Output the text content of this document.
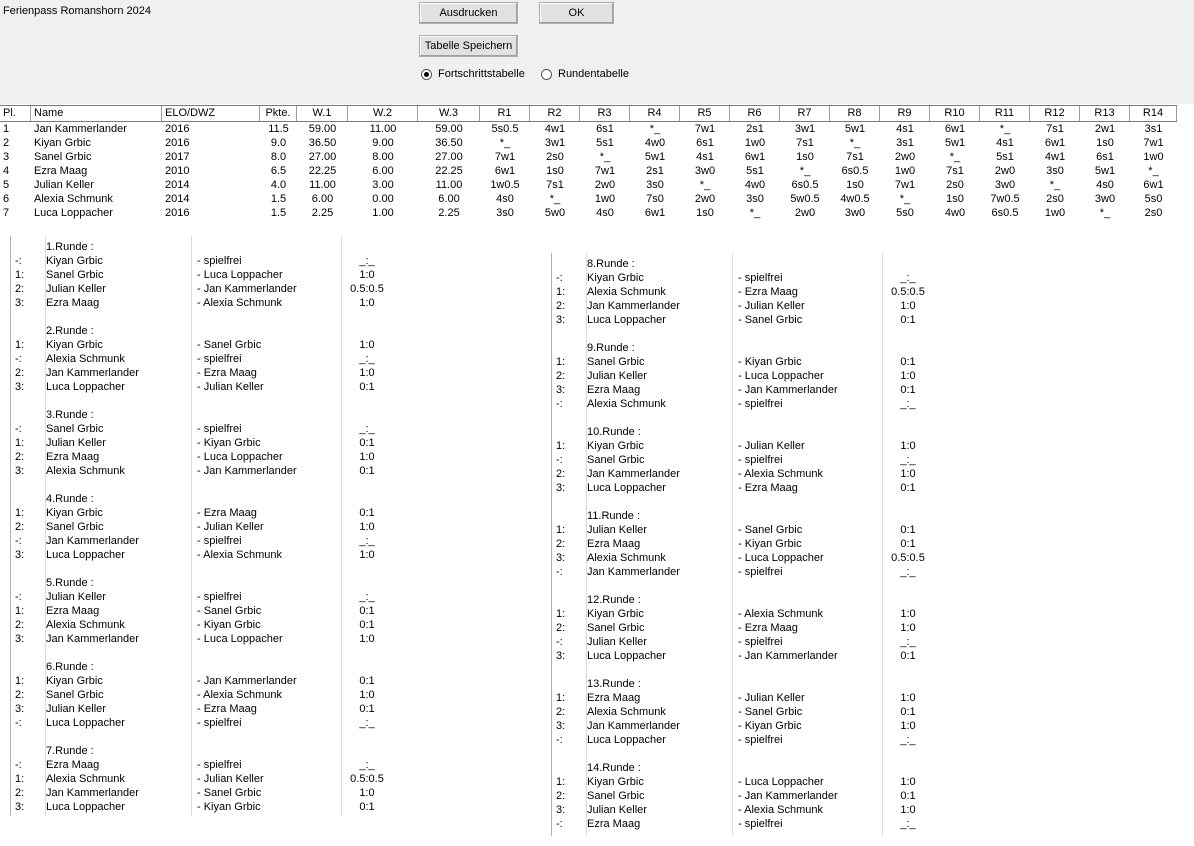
Ferienpass Romanshorn 2024	Ausdrucken	OK
Tabelle Speichern
Fortschrittstabelle	Rundentabelle
Pl.	Name	ELO/DWZ	Pkte.	W.1	W.2	W.3	R1	R2	R3	R4	R5	R6	R7	R8	R9	R10	R11	R12	R13	R14
1	Jan Kammerlander	2016	11.5	59.00	11.00	59.00	5s0.5	4w1	6s1	*_	7w1	2s1	3w1	5w1	4s1	6w1	*_	7s1	2w1	3s1
2	Kiyan Grbic	2016	9.0	36.50	9.00	36.50	*_	3w1	5s1	4w0	6s1	1w0	7s1	*_	3s1	5w1	4s1	6w1	1s0	7w1
3	Sanel Grbic	2017	8.0	27.00	8.00	27.00	7w1	2s0	*_	5w1	4s1	6w1	1s0	7s1	2w0	*_	5s1	4w1	6s1	1w0
4	Ezra Maag	2010	6.5	22.25	6.00	22.25	6w1	1s0	7w1	2s1	3w0	5s1	*_	6s0.5	1w0	7s1	2w0	3s0	5w1	*_
5	Julian Keller	2014	4.0	11.00	3.00	11.00	1w0.5	7s1	2w0	3s0	*_	4w0	6s0.5	1s0	7w1	2s0	3w0	*_	4s0	6w1
6	Alexia Schmunk	2014	1.5	6.00	0.00	6.00	4s0	*_	1w0	7s0	2w0	3s0	5w0.5	4w0.5	*_	1s0	7w0.5	2s0	3w0	5s0
7	Luca Loppacher	2016	1.5	2.25	1.00	2.25	3s0	5w0	4s0	6w1	1s0	*_	2w0	3w0	5s0	4w0	6s0.5	1w0	*_	2s0
1.Runde :
-:	Kiyan Grbic	- spielfrei	_:_
1:	Sanel Grbic	- Luca Loppacher	1:0
2:	Julian Keller	- Jan Kammerlander	0.5:0.5
3:	Ezra Maag	- Alexia Schmunk	1:0
2.Runde :
1:	Kiyan Grbic	- Sanel Grbic	1:0
-:	Alexia Schmunk	- spielfrei	_:_
2:	Jan Kammerlander	- Ezra Maag	1:0
3:	Luca Loppacher	- Julian Keller	0:1
3.Runde :
-:	Sanel Grbic	- spielfrei	_:_
1:	Julian Keller	- Kiyan Grbic	0:1
2:	Ezra Maag	- Luca Loppacher	1:0
3:	Alexia Schmunk	- Jan Kammerlander	0:1
4.Runde :
1:	Kiyan Grbic	- Ezra Maag	0:1
2:	Sanel Grbic	- Julian Keller	1:0
-:	Jan Kammerlander	- spielfrei	_:_
3:	Luca Loppacher	- Alexia Schmunk	1:0
5.Runde :
-:	Julian Keller	- spielfrei	_:_
1:	Ezra Maag	- Sanel Grbic	0:1
2:	Alexia Schmunk	- Kiyan Grbic	0:1
3:	Jan Kammerlander	- Luca Loppacher	1:0
6.Runde :
1:	Kiyan Grbic	- Jan Kammerlander	0:1
2:	Sanel Grbic	- Alexia Schmunk	1:0
3:	Julian Keller	- Ezra Maag	0:1
-:	Luca Loppacher	- spielfrei	_:_
7.Runde :
-:	Ezra Maag	- spielfrei	_:_
1:	Alexia Schmunk	- Julian Keller	0.5:0.5
2:	Jan Kammerlander	- Sanel Grbic	1:0
3:	Luca Loppacher	- Kiyan Grbic	0:1
8.Runde :
-:	Kiyan Grbic	- spielfrei	_:_
1:	Alexia Schmunk	- Ezra Maag	0.5:0.5
2:	Jan Kammerlander	- Julian Keller	1:0
3:	Luca Loppacher	- Sanel Grbic	0:1
9.Runde :
1:	Sanel Grbic	- Kiyan Grbic	0:1
2:	Julian Keller	- Luca Loppacher	1:0
3:	Ezra Maag	- Jan Kammerlander	0:1
-:	Alexia Schmunk	- spielfrei	_:_
10.Runde :
1:	Kiyan Grbic	- Julian Keller	1:0
-:	Sanel Grbic	- spielfrei	_:_
2:	Jan Kammerlander	- Alexia Schmunk	1:0
3:	Luca Loppacher	- Ezra Maag	0:1
11.Runde :
1:	Julian Keller	- Sanel Grbic	0:1
2:	Ezra Maag	- Kiyan Grbic	0:1
3:	Alexia Schmunk	- Luca Loppacher	0.5:0.5
-:	Jan Kammerlander	- spielfrei	_:_
12.Runde :
1:	Kiyan Grbic	- Alexia Schmunk	1:0
2:	Sanel Grbic	- Ezra Maag	1:0
-:	Julian Keller	- spielfrei	_:_
3:	Luca Loppacher	- Jan Kammerlander	0:1
13.Runde :
1:	Ezra Maag	- Julian Keller	1:0
2:	Alexia Schmunk	- Sanel Grbic	0:1
3:	Jan Kammerlander	- Kiyan Grbic	1:0
-:	Luca Loppacher	- spielfrei	_:_
14.Runde :
1:	Kiyan Grbic	- Luca Loppacher	1:0
2:	Sanel Grbic	- Jan Kammerlander	0:1
3:	Julian Keller	- Alexia Schmunk	1:0
-:	Ezra Maag	- spielfrei	_:_
